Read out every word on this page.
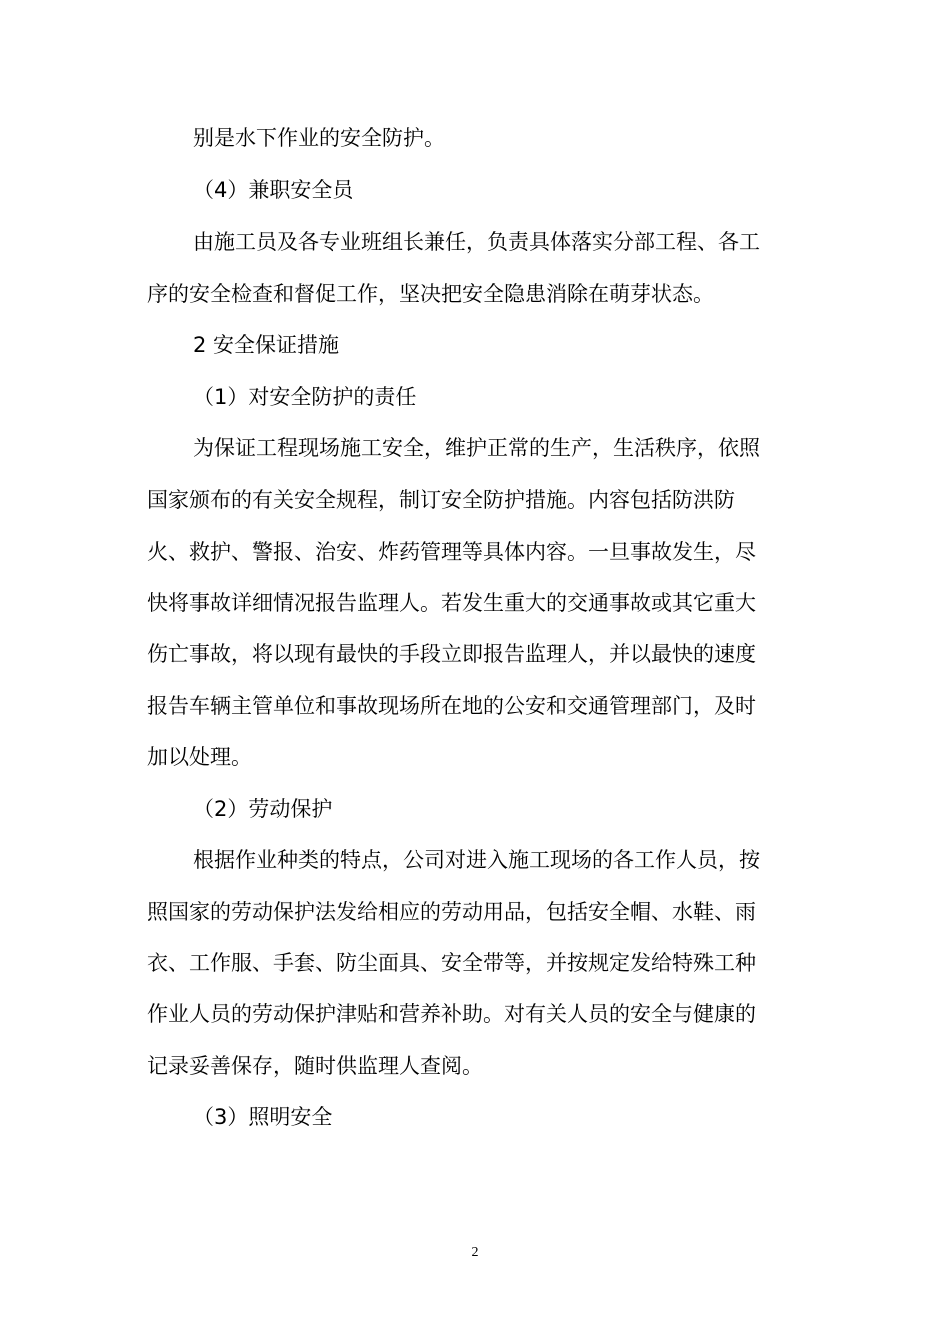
别是水下作业的安全防护。
（4）兼职安全员
由施工员及各专业班组长兼任，负责具体落实分部工程、各工
序的安全检查和督促工作，坚决把安全隐患消除在萌芽状态。
2 安全保证措施
（1）对安全防护的责任
为保证工程现场施工安全，维护正常的生产，生活秩序，依照
国家颁布的有关安全规程，制订安全防护措施。内容包括防洪防
火、救护、警报、治安、炸药管理等具体内容。一旦事故发生，尽
快将事故详细情况报告监理人。若发生重大的交通事故或其它重大
伤亡事故，将以现有最快的手段立即报告监理人，并以最快的速度
报告车辆主管单位和事故现场所在地的公安和交通管理部门，及时
加以处理。
（2）劳动保护
根据作业种类的特点，公司对进入施工现场的各工作人员，按
照国家的劳动保护法发给相应的劳动用品，包括安全帽、水鞋、雨
衣、工作服、手套、防尘面具、安全带等，并按规定发给特殊工种
作业人员的劳动保护津贴和营养补助。对有关人员的安全与健康的
记录妥善保存，随时供监理人查阅。
（3）照明安全
2
